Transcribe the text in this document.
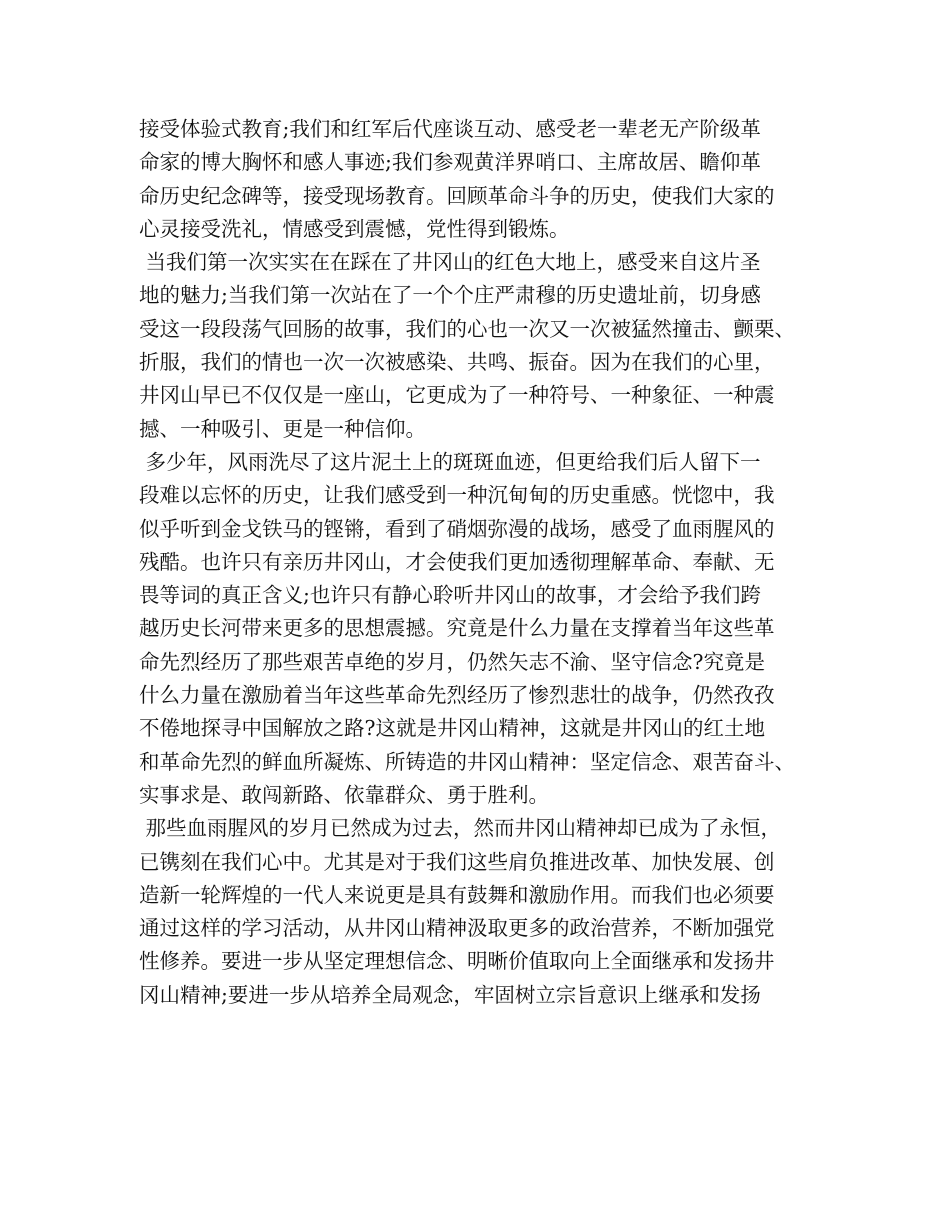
接受体验式教育;我们和红军后代座谈互动、感受老一辈老无产阶级革
命家的博大胸怀和感人事迹;我们参观黄洋界哨口、主席故居、瞻仰革
命历史纪念碑等，接受现场教育。回顾革命斗争的历史，使我们大家的
心灵接受洗礼，情感受到震憾，党性得到锻炼。
当我们第一次实实在在踩在了井冈山的红色大地上，感受来自这片圣
地的魅力;当我们第一次站在了一个个庄严肃穆的历史遗址前，切身感
受这一段段荡气回肠的故事，我们的心也一次又一次被猛然撞击、颤栗、
折服，我们的情也一次一次被感染、共鸣、振奋。因为在我们的心里，
井冈山早已不仅仅是一座山，它更成为了一种符号、一种象征、一种震
撼、一种吸引、更是一种信仰。
多少年，风雨洗尽了这片泥土上的斑斑血迹，但更给我们后人留下一
段难以忘怀的历史，让我们感受到一种沉甸甸的历史重感。恍惚中，我
似乎听到金戈铁马的铿锵，看到了硝烟弥漫的战场，感受了血雨腥风的
残酷。也许只有亲历井冈山，才会使我们更加透彻理解革命、奉献、无
畏等词的真正含义;也许只有静心聆听井冈山的故事，才会给予我们跨
越历史长河带来更多的思想震撼。究竟是什么力量在支撑着当年这些革
命先烈经历了那些艰苦卓绝的岁月，仍然矢志不渝、坚守信念?究竟是
什么力量在激励着当年这些革命先烈经历了惨烈悲壮的战争，仍然孜孜
不倦地探寻中国解放之路?这就是井冈山精神，这就是井冈山的红土地
和革命先烈的鲜血所凝炼、所铸造的井冈山精神：坚定信念、艰苦奋斗、
实事求是、敢闯新路、依靠群众、勇于胜利。
那些血雨腥风的岁月已然成为过去，然而井冈山精神却已成为了永恒，
已镌刻在我们心中。尤其是对于我们这些肩负推进改革、加快发展、创
造新一轮辉煌的一代人来说更是具有鼓舞和激励作用。而我们也必须要
通过这样的学习活动，从井冈山精神汲取更多的政治营养，不断加强党
性修养。要进一步从坚定理想信念、明晰价值取向上全面继承和发扬井
冈山精神;要进一步从培养全局观念，牢固树立宗旨意识上继承和发扬
